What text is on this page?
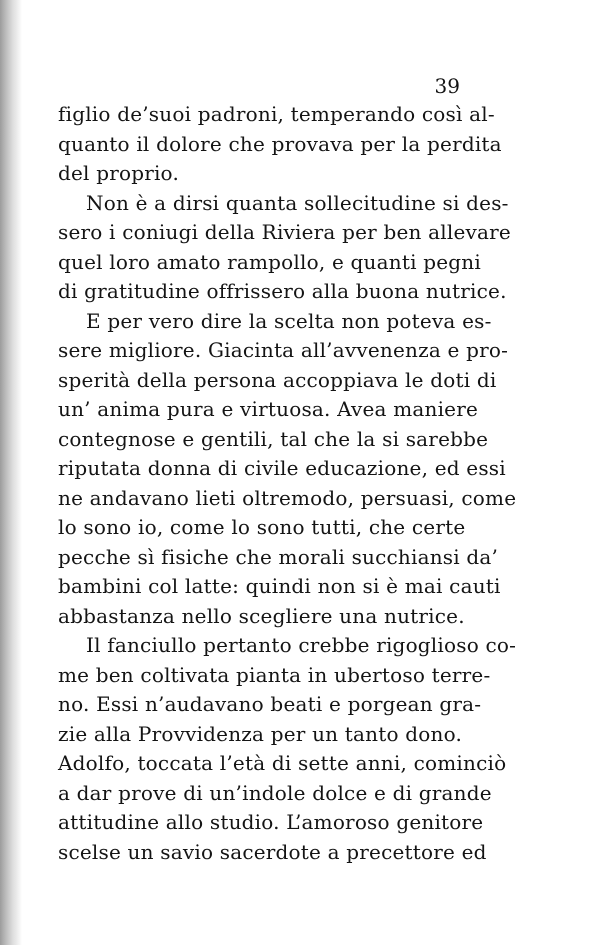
39
figlio de’suoi padroni, temperando così al-
quanto il dolore che provava per la perdita
del proprio.
Non è a dirsi quanta sollecitudine si des-
sero i coniugi della Riviera per ben allevare
quel loro amato rampollo, e quanti pegni
di gratitudine offrissero alla buona nutrice.
E per vero dire la scelta non poteva es-
sere migliore. Giacinta all’avvenenza e pro-
sperità della persona accoppiava le doti di
un’ anima pura e virtuosa. Avea maniere
contegnose e gentili, tal che la si sarebbe
riputata donna di civile educazione, ed essi
ne andavano lieti oltremodo, persuasi, come
lo sono io, come lo sono tutti, che certe
pecche sì fisiche che morali succhiansi da’
bambini col latte: quindi non si è mai cauti
abbastanza nello scegliere una nutrice.
Il fanciullo pertanto crebbe rigoglioso co-
me ben coltivata pianta in ubertoso terre-
no. Essi n’audavano beati e porgean gra-
zie alla Provvidenza per un tanto dono.
Adolfo, toccata l’età di sette anni, cominciò
a dar prove di un’indole dolce e di grande
attitudine allo studio. L’amoroso genitore
scelse un savio sacerdote a precettore ed
